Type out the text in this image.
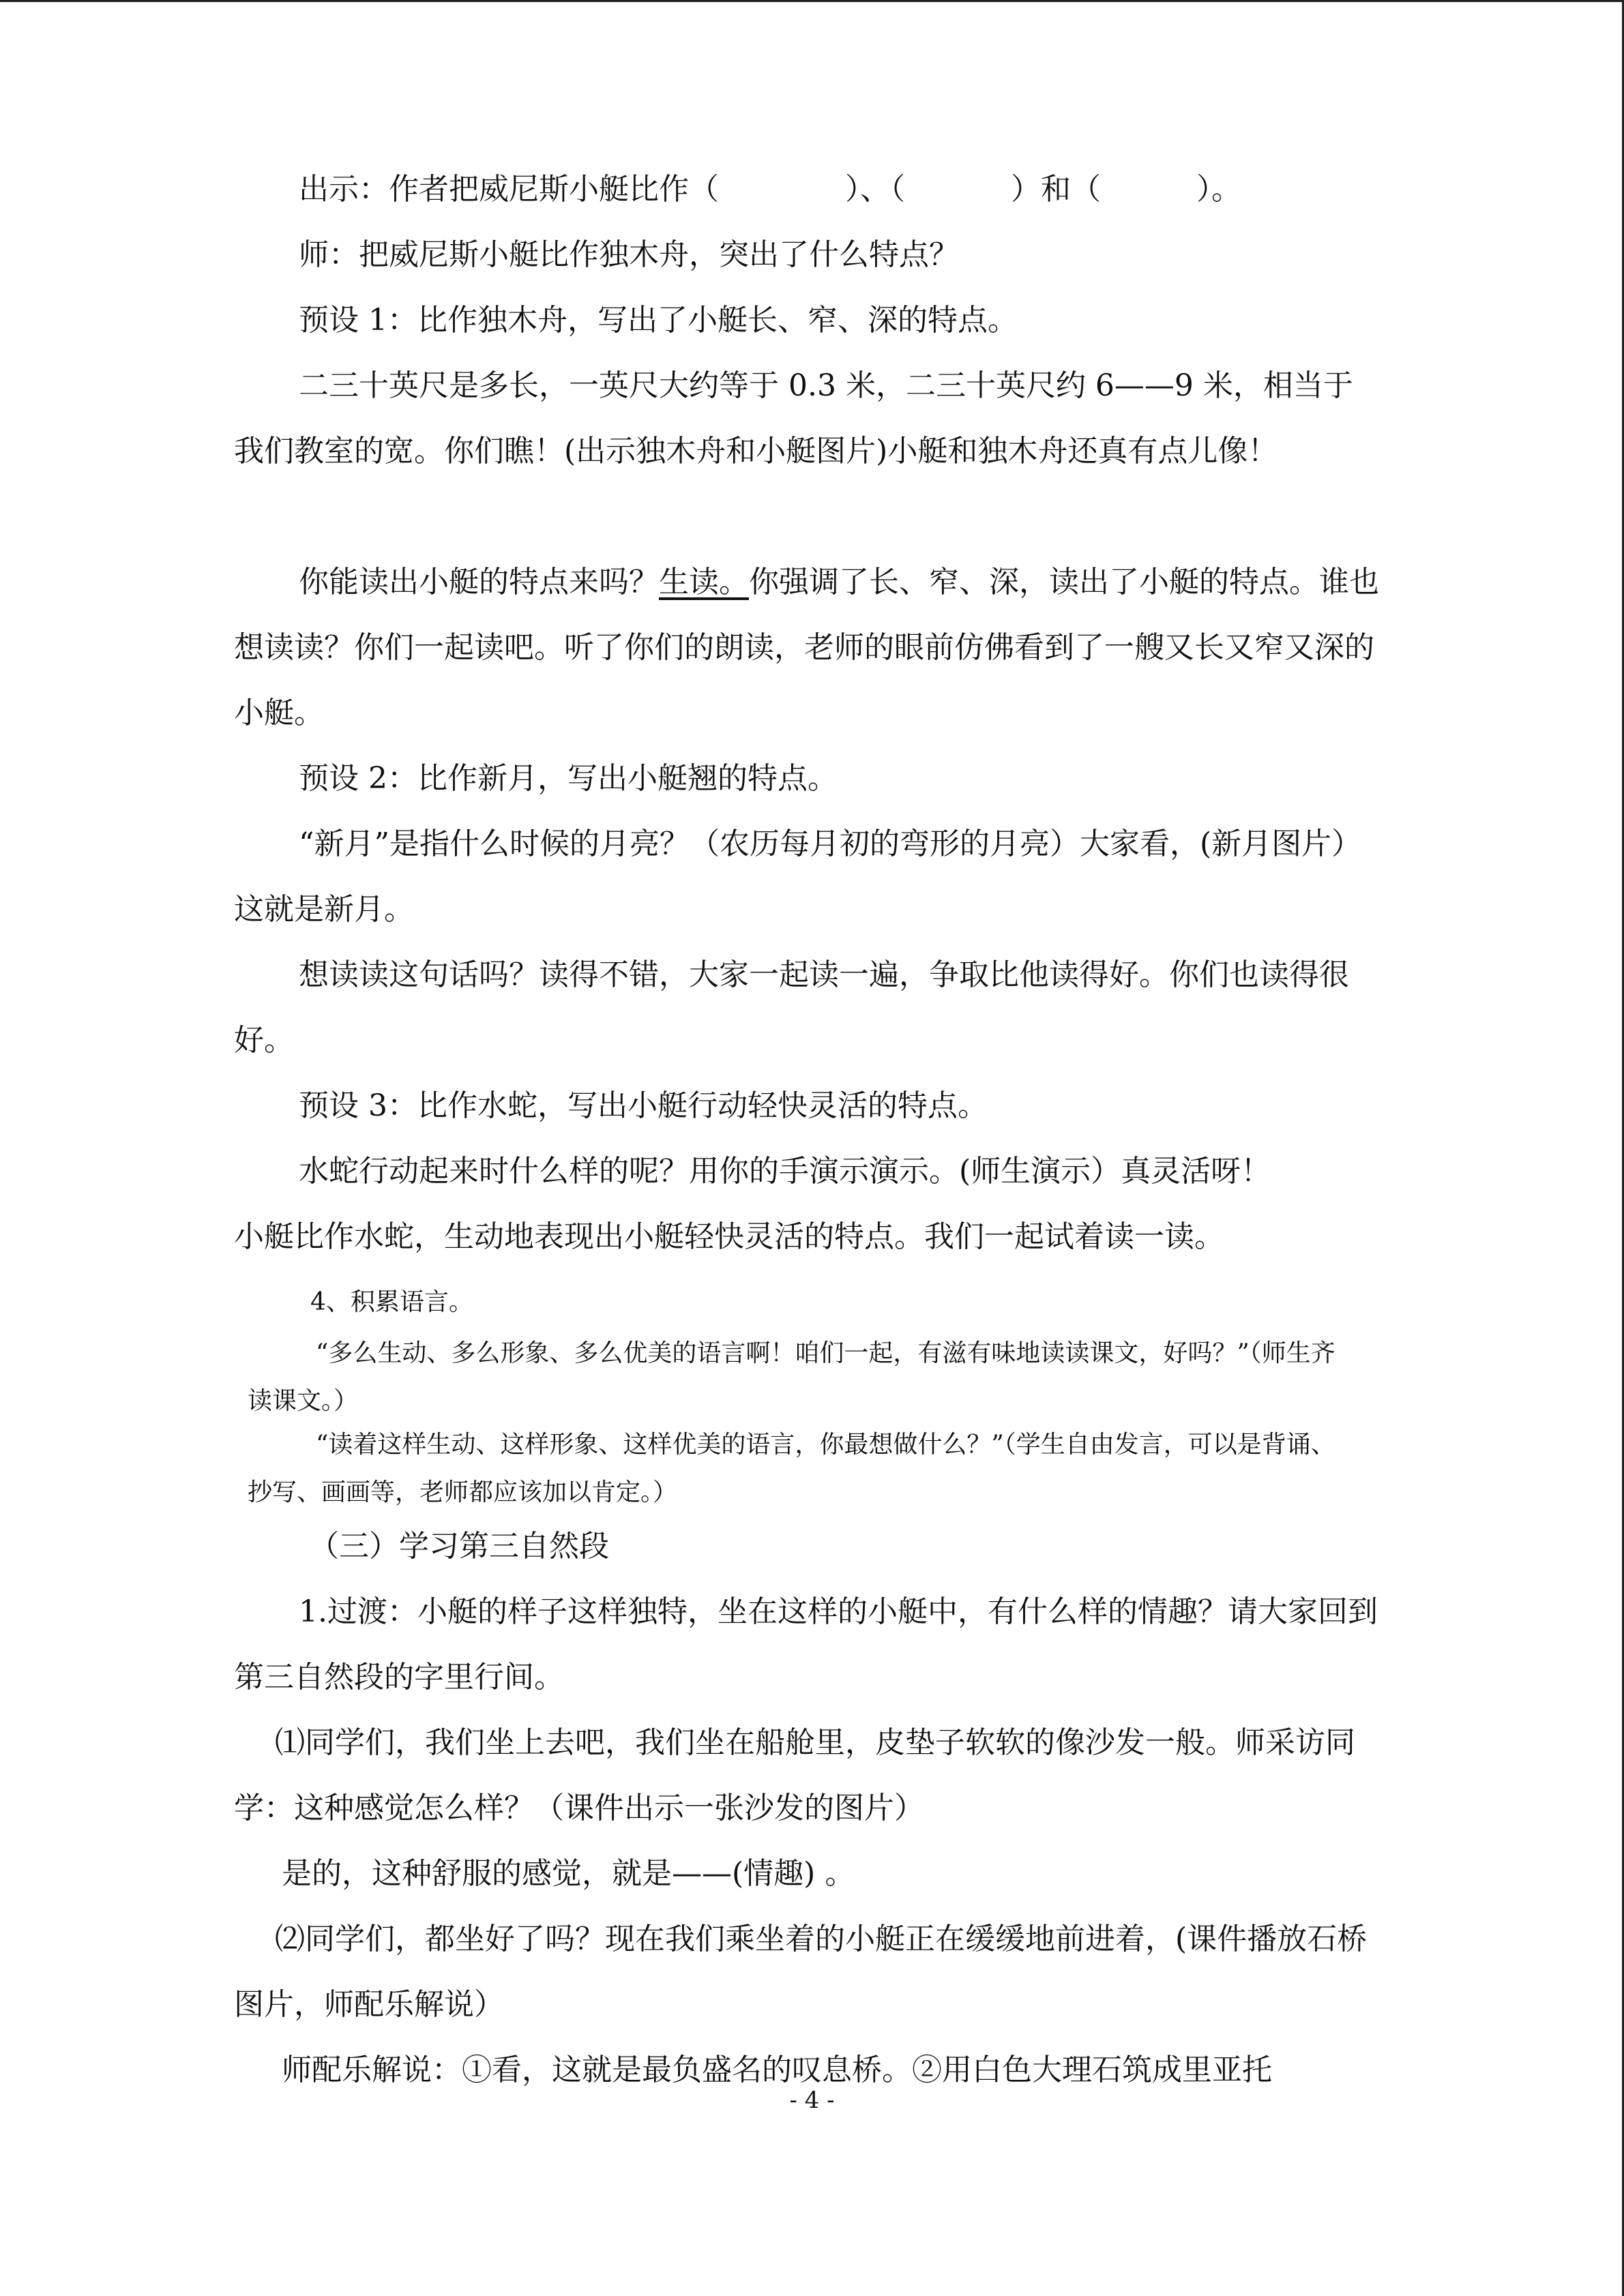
出示：作者把威尼斯小艇比作（	）、（	）和（	）。

师：把威尼斯小艇比作独木舟，突出了什么特点？

预设 1：比作独木舟，写出了小艇长、窄、深的特点。

二三十英尺是多长，一英尺大约等于 0.3 米，二三十英尺约 6——9 米，相当于我们教室的宽。你们瞧！(出示独木舟和小艇图片)小艇和独木舟还真有点儿像！

你能读出小艇的特点来吗？生读。你强调了长、窄、深，读出了小艇的特点。谁也想读读？你们一起读吧。听了你们的朗读，老师的眼前仿佛看到了一艘又长又窄又深的小艇。

预设 2：比作新月，写出小艇翘的特点。

“新月”是指什么时候的月亮？（农历每月初的弯形的月亮）大家看，(新月图片）这就是新月。

想读读这句话吗？读得不错，大家一起读一遍，争取比他读得好。你们也读得很好。

预设 3：比作水蛇，写出小艇行动轻快灵活的特点。

水蛇行动起来时什么样的呢？用你的手演示演示。(师生演示）真灵活呀！

小艇比作水蛇，生动地表现出小艇轻快灵活的特点。我们一起试着读一读。

4、积累语言。

“多么生动、多么形象、多么优美的语言啊！咱们一起，有滋有味地读读课文，好吗？”（师生齐读课文。）

“读着这样生动、这样形象、这样优美的语言，你最想做什么？”（学生自由发言，可以是背诵、抄写、画画等，老师都应该加以肯定。）

（三）学习第三自然段

1.过渡：小艇的样子这样独特，坐在这样的小艇中，有什么样的情趣？请大家回到第三自然段的字里行间。

⑴同学们，我们坐上去吧，我们坐在船舱里，皮垫子软软的像沙发一般。师采访同学：这种感觉怎么样？（课件出示一张沙发的图片）

是的，这种舒服的感觉，就是——(情趣) 。

⑵同学们，都坐好了吗？现在我们乘坐着的小艇正在缓缓地前进着，(课件播放石桥图片，师配乐解说）

师配乐解说：①看，这就是最负盛名的叹息桥。②用白色大理石筑成里亚托

- 4 -
